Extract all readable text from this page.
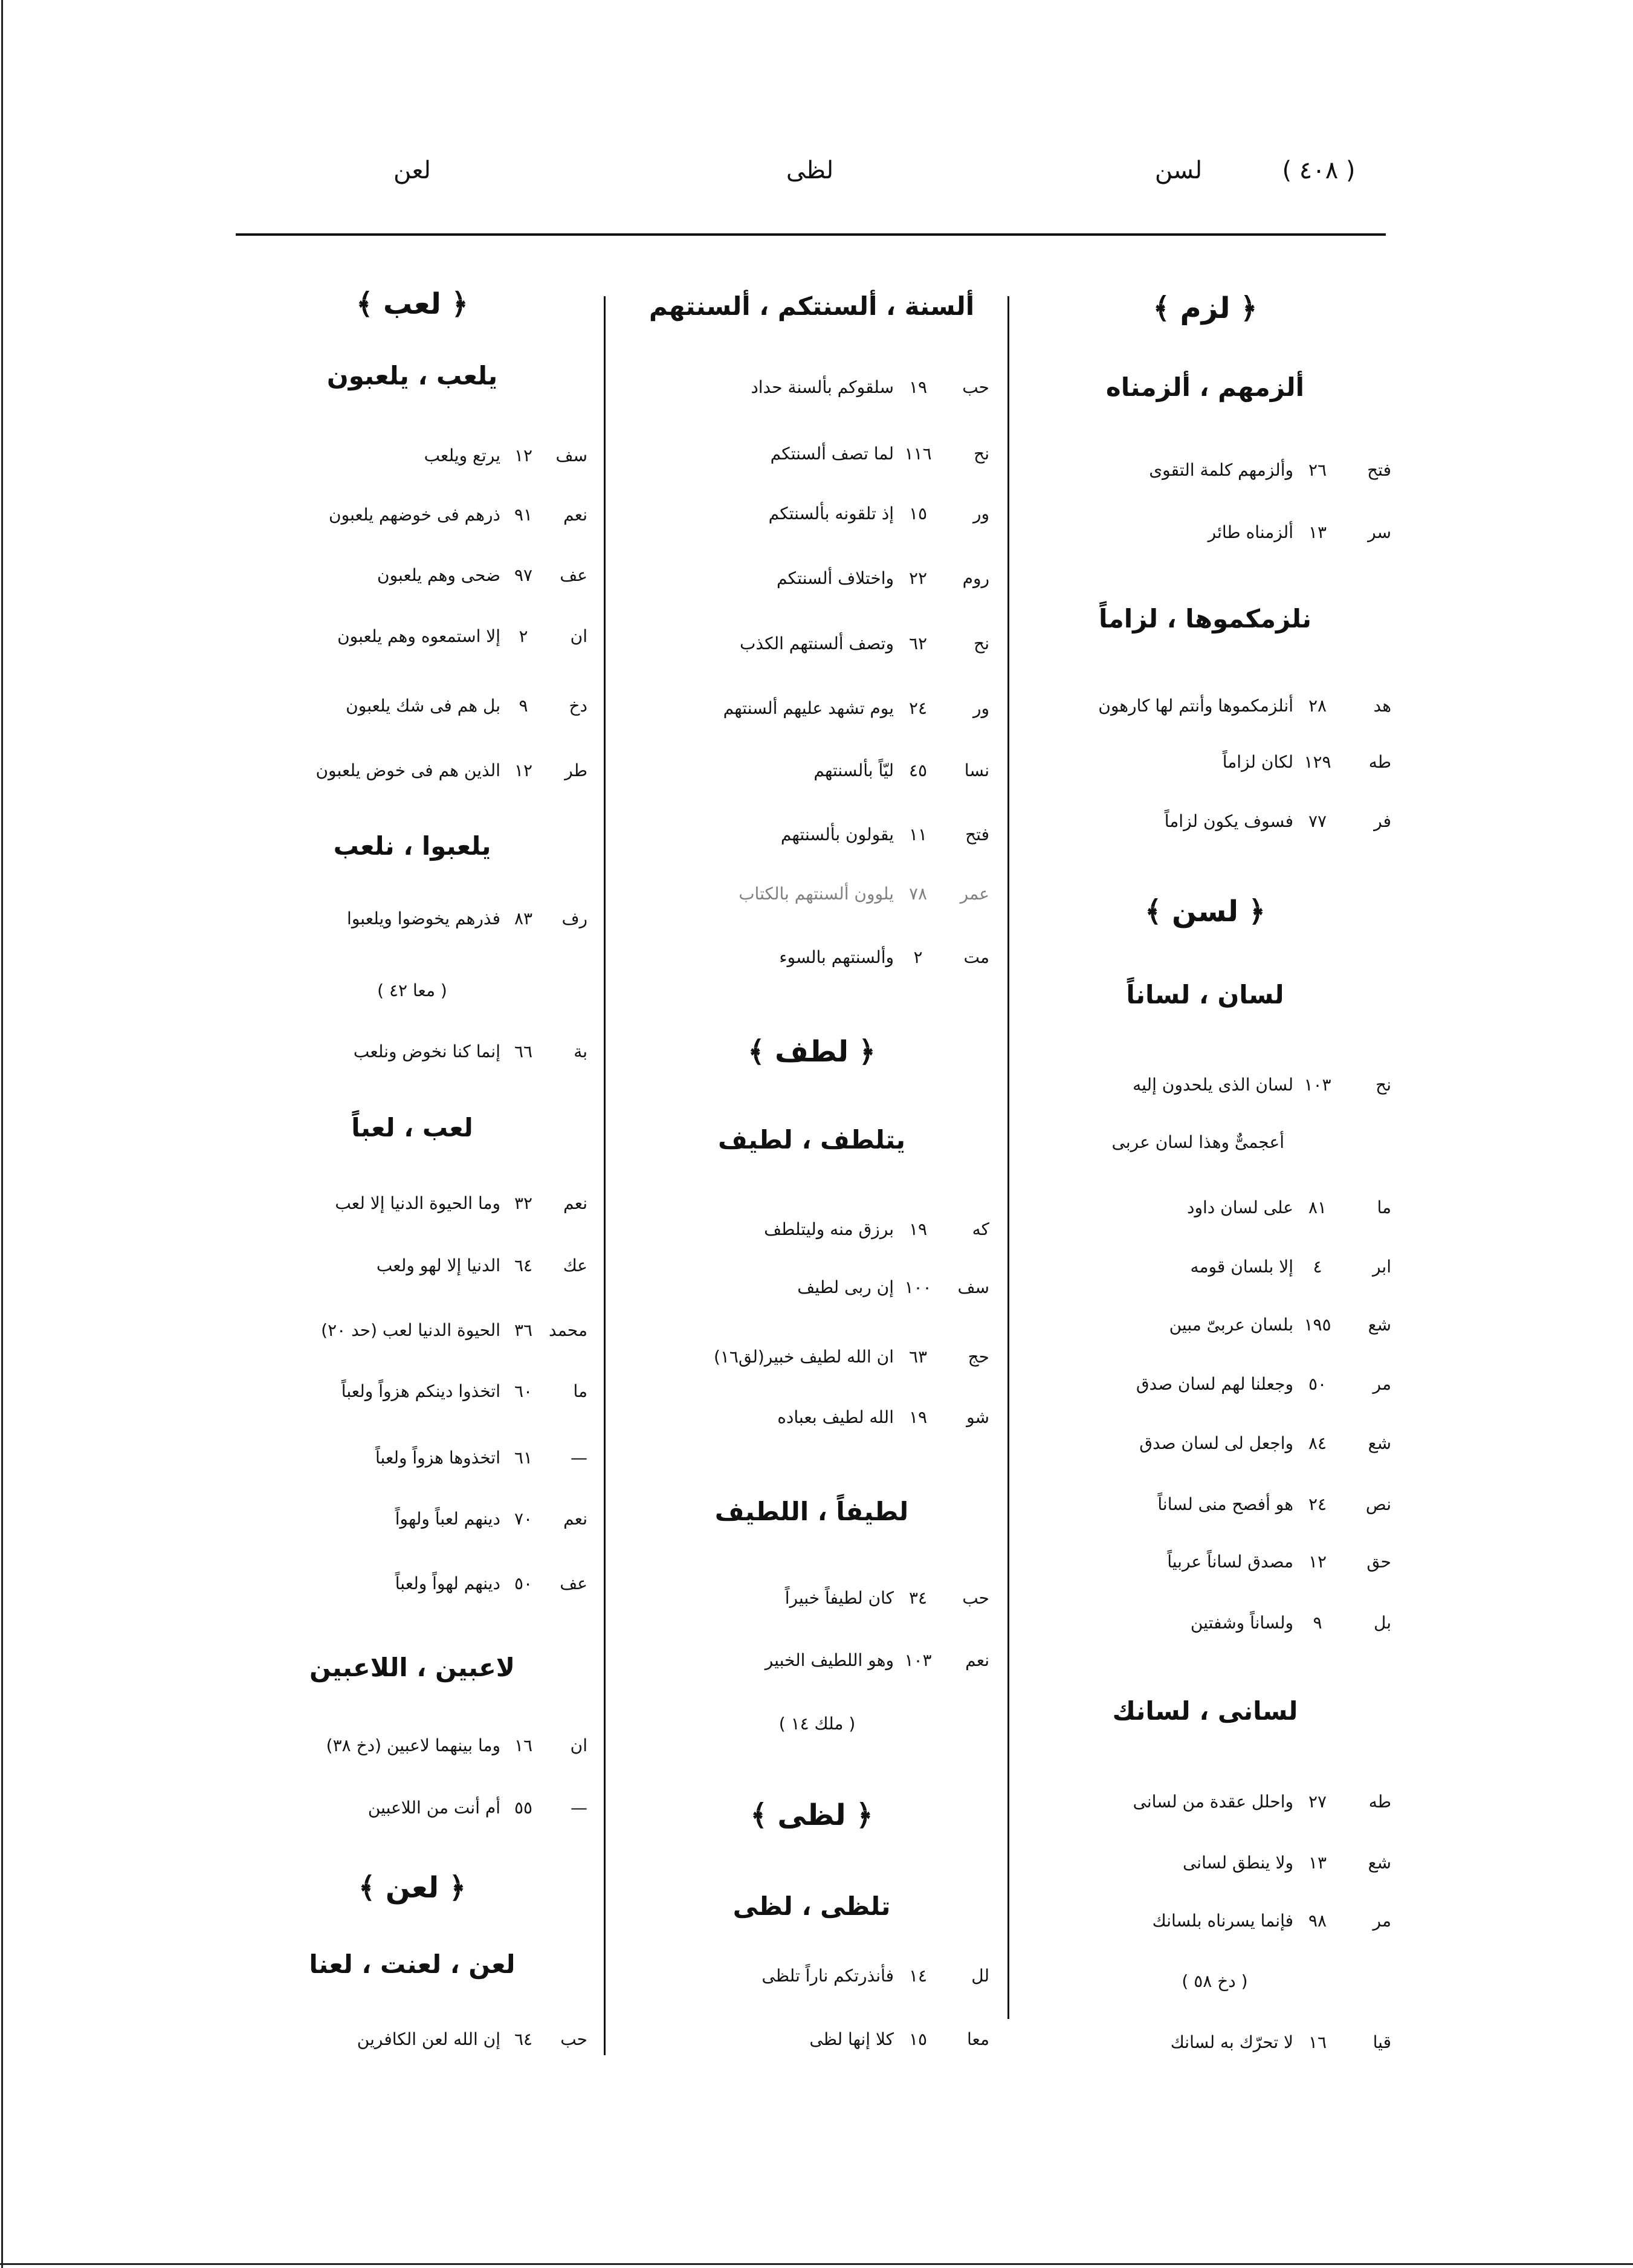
( ٤٠٨ )
لسن
لظى
لعن
﴿ لزم ﴾
ألزمهم ، ألزمناه
فتح
٢٦
وألزمهم كلمة التقوى
سر
١٣
ألزمناه طائر
نلزمكموها ، لزاماً
هد
٢٨
أنلزمكموها وأنتم لها كارهون
طه
١٢٩
لكان لزاماً
فر
٧٧
فسوف يكون لزاماً
﴿ لسن ﴾
لسان ، لساناً
نح
١٠٣
لسان الذى يلحدون إليه
أعجمىٌّ وهذا لسان عربى
ما
٨١
على لسان داود
ابر
٤
إلا بلسان قومه
شع
١٩٥
بلسان عربىّ مبين
مر
٥٠
وجعلنا لهم لسان صدق
شع
٨٤
واجعل لى لسان صدق
نص
٢٤
هو أفصح منى لساناً
حق
١٢
مصدق لساناً عربياً
بل
٩
ولساناً وشفتين
لسانى ، لسانك
طه
٢٧
واحلل عقدة من لسانى
شع
١٣
ولا ينطق لسانى
مر
٩٨
فإنما يسرناه بلسانك
( دخ ٥٨ )
قيا
١٦
لا تحرّك به لسانك
ألسنة ، ألسنتكم ، ألسنتهم
حب
١٩
سلقوكم بألسنة حداد
نح
١١٦
لما تصف ألسنتكم
ور
١٥
إذ تلقونه بألسنتكم
روم
٢٢
واختلاف ألسنتكم
نح
٦٢
وتصف ألسنتهم الكذب
ور
٢٤
يوم تشهد عليهم ألسنتهم
نسا
٤٥
ليّاً بألسنتهم
فتح
١١
يقولون بألسنتهم
عمر
٧٨
يلوون ألسنتهم بالكتاب
مت
٢
وألسنتهم بالسوء
﴿ لطف ﴾
يتلطف ، لطيف
كه
١٩
برزق منه وليتلطف
سف
١٠٠
إن ربى لطيف
حج
٦٣
ان الله لطيف خبير(لق١٦)
شو
١٩
الله لطيف بعباده
لطيفاً ، اللطيف
حب
٣٤
كان لطيفاً خبيراً
نعم
١٠٣
وهو اللطيف الخبير
( ملك ١٤ )
﴿ لظى ﴾
تلظى ، لظى
لل
١٤
فأنذرتكم ناراً تلظى
معا
١٥
كلا إنها لظى
﴿ لعب ﴾
يلعب ، يلعبون
سف
١٢
يرتع ويلعب
نعم
٩١
ذرهم فى خوضهم يلعبون
عف
٩٧
ضحى وهم يلعبون
ان
٢
إلا استمعوه وهم يلعبون
دخ
٩
بل هم فى شك يلعبون
طر
١٢
الذين هم فى خوض يلعبون
يلعبوا ، نلعب
رف
٨٣
فذرهم يخوضوا ويلعبوا
( معا ٤٢ )
بة
٦٦
إنما كنا نخوض ونلعب
لعب ، لعباً
نعم
٣٢
وما الحيوة الدنيا إلا لعب
عك
٦٤
الدنيا إلا لهو ولعب
محمد
٣٦
الحيوة الدنيا لعب (حد ٢٠)
ما
٦٠
اتخذوا دينكم هزواً ولعباً
—
٦١
اتخذوها هزواً ولعباً
نعم
٧٠
دينهم لعباً ولهواً
عف
٥٠
دينهم لهواً ولعباً
لاعبين ، اللاعبين
ان
١٦
وما بينهما لاعبين (دخ ٣٨)
—
٥٥
أم أنت من اللاعبين
﴿ لعن ﴾
لعن ، لعنت ، لعنا
حب
٦٤
إن الله لعن الكافرين
